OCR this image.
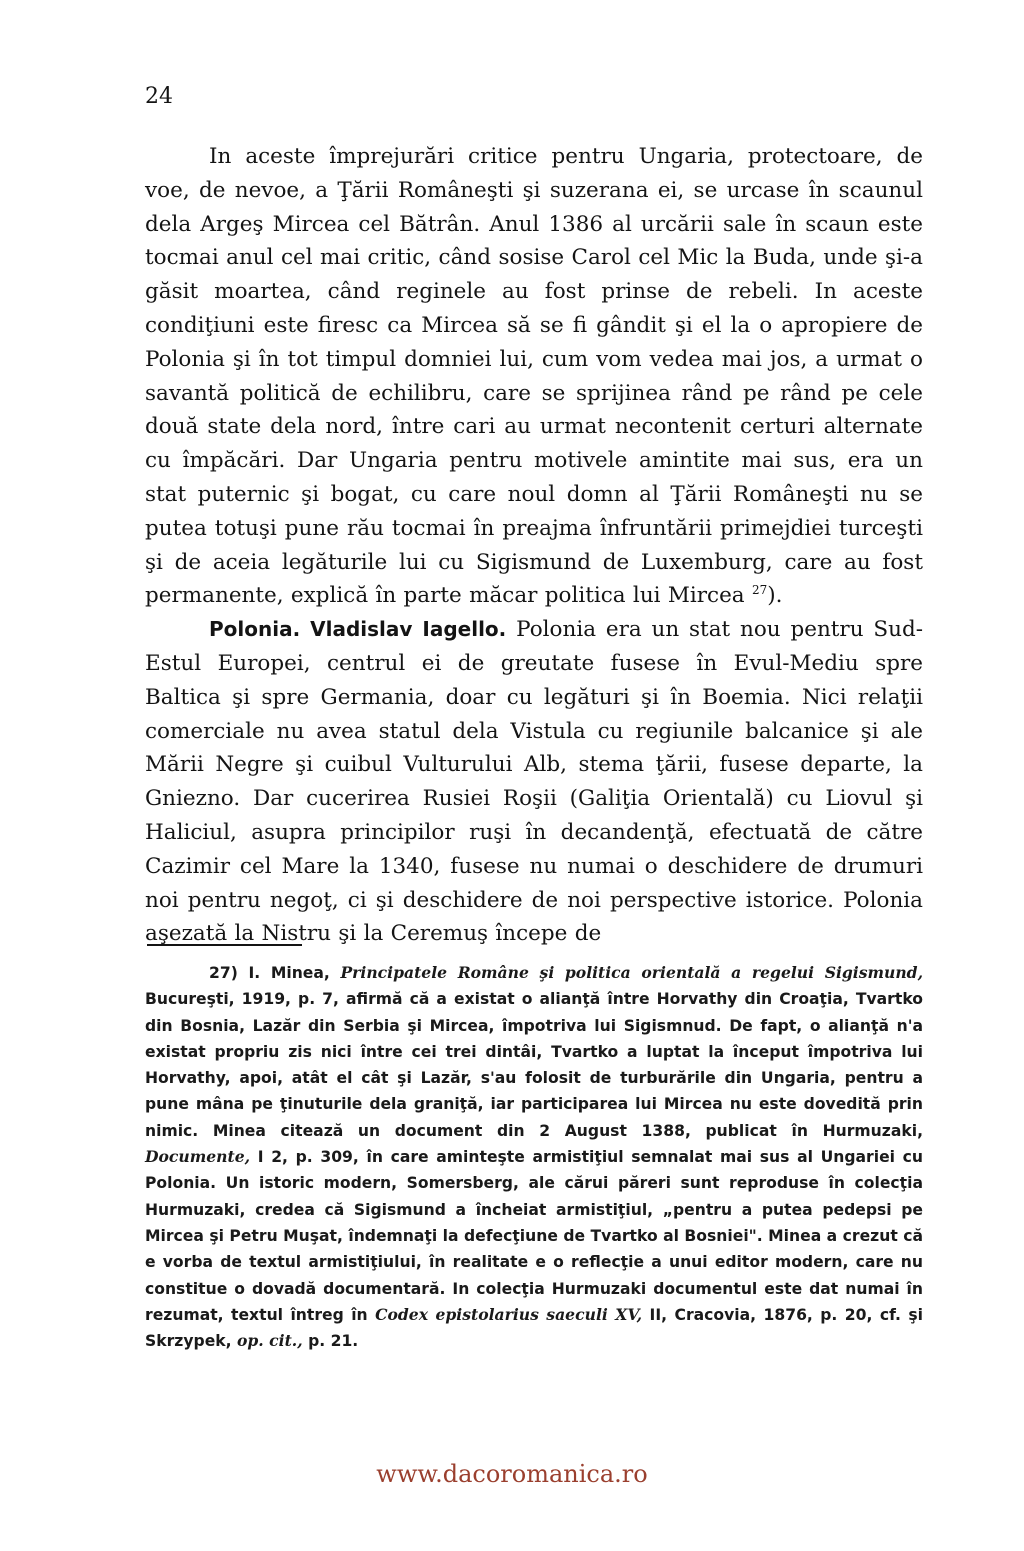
24

In aceste împrejurări critice pentru Ungaria, protectoare, de voe, de nevoe, a Ţării Româneşti şi suzerana ei, se urcase în scaunul dela Argeş Mircea cel Bătrân. Anul 1386 al urcării sale în scaun este tocmai anul cel mai critic, când sosise Carol cel Mic la Buda, unde şi-a găsit moartea, când reginele au fost prinse de rebeli. In aceste condiţiuni este firesc ca Mircea să se fi gândit şi el la o apropiere de Polonia şi în tot timpul domniei lui, cum vom vedea mai jos, a urmat o savantă politică de echilibru, care se sprijinea rând pe rând pe cele două state dela nord, între cari au urmat necontenit certuri alternate cu împăcări. Dar Ungaria pentru motivele amintite mai sus, era un stat puternic şi bogat, cu care noul domn al Ţării Româneşti nu se putea totuşi pune rău tocmai în preajma înfruntării primejdiei turceşti şi de aceia legăturile lui cu Sigismund de Luxemburg, care au fost permanente, explică în parte măcar politica lui Mircea $^{27}$).

Polonia. Vladislav Iagello. Polonia era un stat nou pentru Sud-Estul Europei, centrul ei de greutate fusese în Evul-Mediu spre Baltica şi spre Germania, doar cu legături şi în Boemia. Nici relaţii comerciale nu avea statul dela Vistula cu regiunile balcanice şi ale Mării Negre şi cuibul Vulturului Alb, stema ţării, fusese departe, la Gniezno. Dar cucerirea Rusiei Roşii (Galiţia Orientală) cu Liovul şi Haliciul, asupra principilor ruşi în decandenţă, efectuată de către Cazimir cel Mare la 1340, fusese nu numai o deschidere de drumuri noi pentru negoţ, ci şi deschidere de noi perspective istorice. Polonia aşezată la Nistru şi la Ceremuş începe de

27) I. Minea, Principatele Române şi politica orientală a regelui Sigismund, Bucureşti, 1919, p. 7, afirmă că a existat o alianţă între Horvathy din Croaţia, Tvartko din Bosnia, Lazăr din Serbia şi Mircea, împotriva lui Sigismnud. De fapt, o alianţă n'a existat propriu zis nici între cei trei dintâi, Tvartko a luptat la început împotriva lui Horvathy, apoi, atât el cât şi Lazăr, s'au folosit de turburările din Ungaria, pentru a pune mâna pe ţinuturile dela graniţă, iar participarea lui Mircea nu este dovedită prin nimic. Minea citează un document din 2 August 1388, publicat în Hurmuzaki, Documente, I 2, p. 309, în care aminteşte armistiţiul semnalat mai sus al Ungariei cu Polonia. Un istoric modern, Somersberg, ale cărui păreri sunt reproduse în colecţia Hurmuzaki, credea că Sigismund a încheiat armistiţiul, „pentru a putea pedepsi pe Mircea şi Petru Muşat, îndemnaţi la defecţiune de Tvartko al Bosniei". Minea a crezut că e vorba de textul armistiţiului, în realitate e o reflecţie a unui editor modern, care nu constitue o dovadă documentară. In colecţia Hurmuzaki documentul este dat numai în rezumat, textul întreg în Codex epistolarius saeculi XV, II, Cracovia, 1876, p. 20, cf. şi Skrzypek, op. cit., p. 21.

www.dacoromanica.ro
